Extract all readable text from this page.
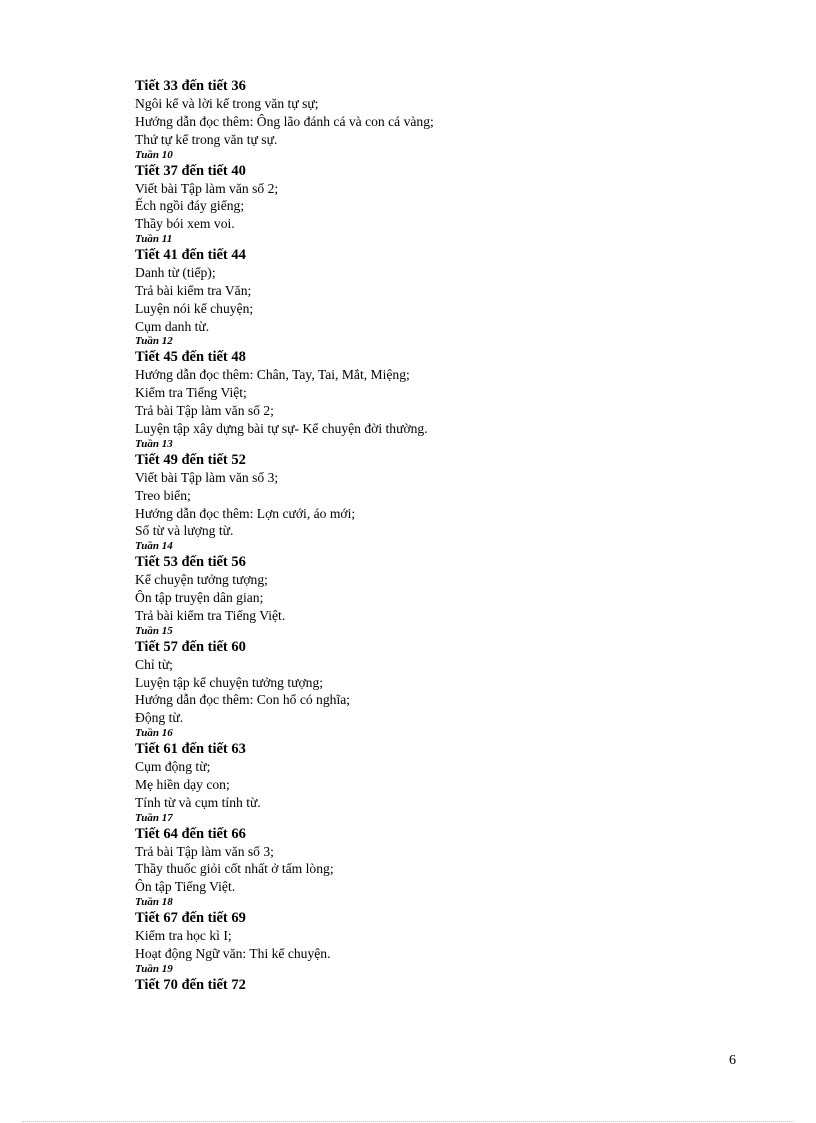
Tiết 33 đến tiết 36
Ngôi kể và lời kể trong văn tự sự;
Hướng dẫn đọc thêm: Ông lão đánh cá và con cá vàng;
Thứ tự kể trong văn tự sự.
Tuần 10
Tiết 37 đến tiết 40
Viết bài Tập làm văn số 2;
Ếch ngồi đáy giếng;
Thầy bói xem voi.
Tuần 11
Tiết 41 đến tiết 44
Danh từ (tiếp);
Trả bài kiểm tra Văn;
Luyện nói kể chuyện;
Cụm danh từ.
Tuần 12
Tiết 45 đến tiết 48
Hướng dẫn đọc thêm: Chân, Tay, Tai, Mắt, Miệng;
Kiểm tra Tiếng Việt;
Trả bài Tập làm văn số 2;
Luyện tập xây dựng bài tự sự- Kể chuyện đời thường.
Tuần 13
Tiết 49 đến tiết 52
Viết bài Tập làm văn số 3;
Treo biển;
Hướng dẫn đọc thêm: Lợn cưới, áo mới;
Số từ và lượng từ.
Tuần 14
Tiết 53 đến tiết 56
Kể chuyện tưởng tượng;
Ôn tập truyện dân gian;
Trả bài kiểm tra Tiếng Việt.
Tuần 15
Tiết 57 đến tiết 60
Chỉ từ;
Luyện tập kể chuyện tưởng tượng;
Hướng dẫn đọc thêm: Con hổ có nghĩa;
Động từ.
Tuần 16
Tiết 61 đến tiết 63
Cụm động từ;
Mẹ hiền dạy con;
Tính từ và cụm tính từ.
Tuần 17
Tiết 64 đến tiết 66
Trả bài Tập làm văn số 3;
Thầy thuốc giỏi cốt nhất ở tấm lòng;
Ôn tập Tiếng Việt.
Tuần 18
Tiết 67 đến tiết 69
Kiểm tra học kì I;
Hoạt động Ngữ văn: Thi kể chuyện.
Tuần 19
Tiết 70 đến tiết 72
6
